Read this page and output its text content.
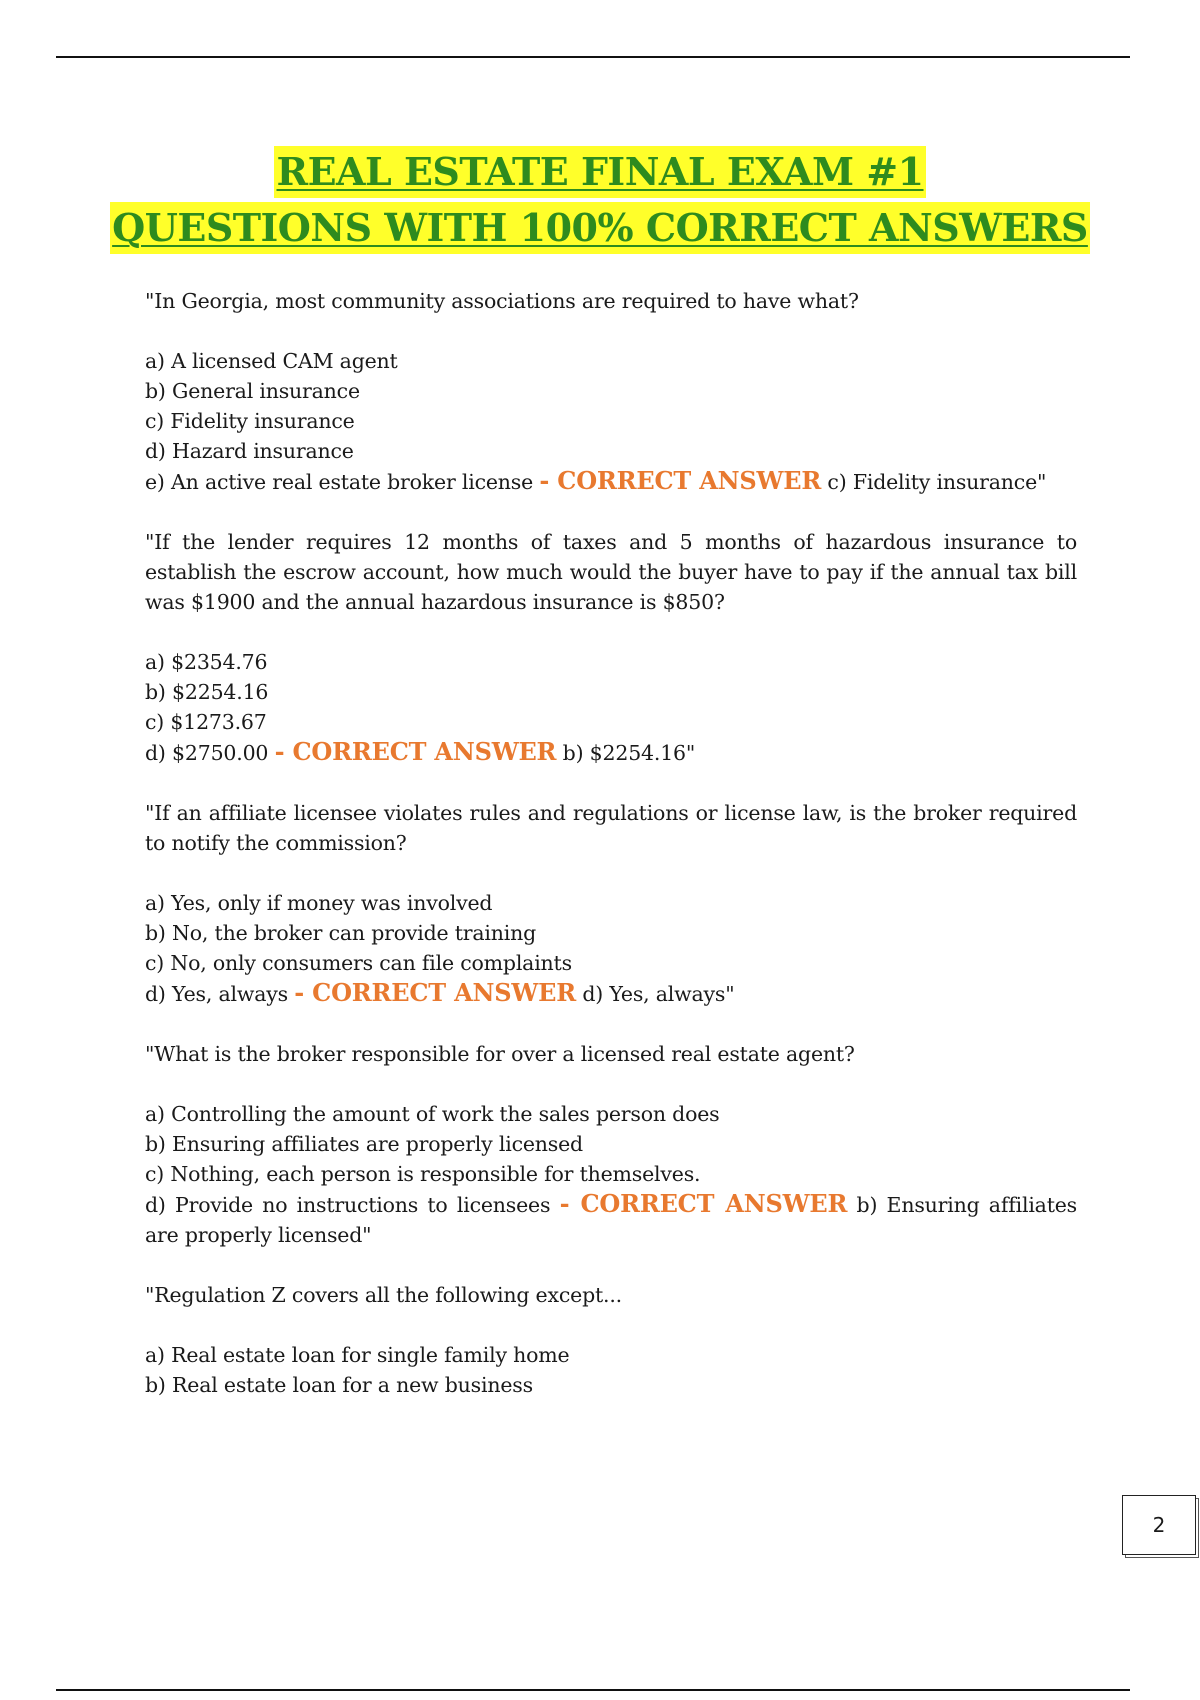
REAL ESTATE FINAL EXAM #1
QUESTIONS WITH 100% CORRECT ANSWERS

"In Georgia, most community associations are required to have what?

a) A licensed CAM agent
b) General insurance
c) Fidelity insurance
d) Hazard insurance
e) An active real estate broker license - CORRECT ANSWER c) Fidelity insurance"

"If the lender requires 12 months of taxes and 5 months of hazardous insurance to establish the escrow account, how much would the buyer have to pay if the annual tax bill was $1900 and the annual hazardous insurance is $850?

a) $2354.76
b) $2254.16
c) $1273.67
d) $2750.00 - CORRECT ANSWER b) $2254.16"

"If an affiliate licensee violates rules and regulations or license law, is the broker required to notify the commission?

a) Yes, only if money was involved
b) No, the broker can provide training
c) No, only consumers can file complaints
d) Yes, always - CORRECT ANSWER d) Yes, always"

"What is the broker responsible for over a licensed real estate agent?

a) Controlling the amount of work the sales person does
b) Ensuring affiliates are properly licensed
c) Nothing, each person is responsible for themselves.
d) Provide no instructions to licensees - CORRECT ANSWER b) Ensuring affiliates are properly licensed"

"Regulation Z covers all the following except...

a) Real estate loan for single family home
b) Real estate loan for a new business
2
